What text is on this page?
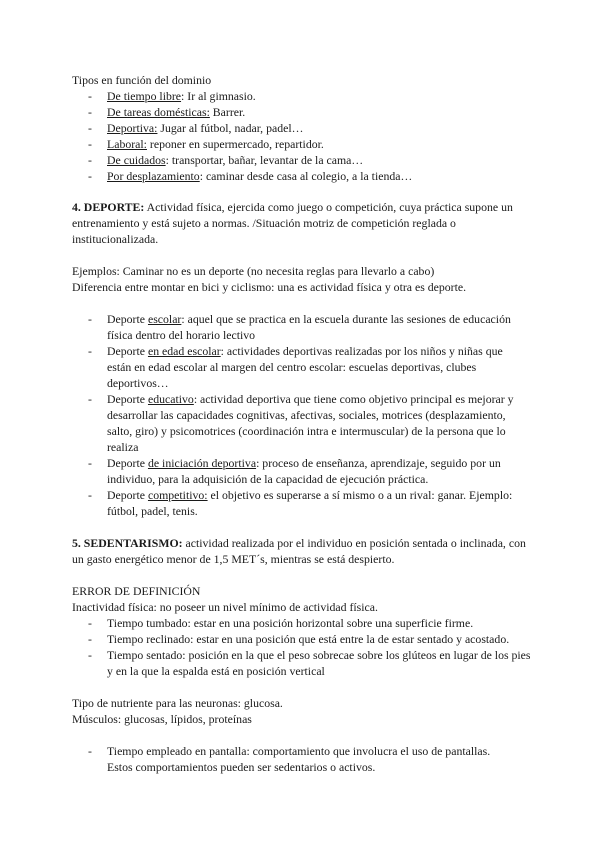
Tipos en función del dominio
- De tiempo libre: Ir al gimnasio.
- De tareas domésticas: Barrer.
- Deportiva: Jugar al fútbol, nadar, padel…
- Laboral: reponer en supermercado, repartidor.
- De cuidados: transportar, bañar, levantar de la cama…
- Por desplazamiento: caminar desde casa al colegio, a la tienda…
4. DEPORTE: Actividad física, ejercida como juego o competición, cuya práctica supone un entrenamiento y está sujeto a normas. /Situación motriz de competición reglada o institucionalizada.
Ejemplos: Caminar no es un deporte (no necesita reglas para llevarlo a cabo)
Diferencia entre montar en bici y ciclismo: una es actividad física y otra es deporte.
- Deporte escolar: aquel que se practica en la escuela durante las sesiones de educación física dentro del horario lectivo
- Deporte en edad escolar: actividades deportivas realizadas por los niños y niñas que están en edad escolar al margen del centro escolar: escuelas deportivas, clubes deportivos…
- Deporte educativo: actividad deportiva que tiene como objetivo principal es mejorar y desarrollar las capacidades cognitivas, afectivas, sociales, motrices (desplazamiento, salto, giro) y psicomotrices (coordinación intra e intermuscular) de la persona que lo realiza
- Deporte de iniciación deportiva: proceso de enseñanza, aprendizaje, seguido por un individuo, para la adquisición de la capacidad de ejecución práctica.
- Deporte competitivo: el objetivo es superarse a sí mismo o a un rival: ganar. Ejemplo: fútbol, padel, tenis.
5. SEDENTARISMO: actividad realizada por el individuo en posición sentada o inclinada, con un gasto energético menor de 1,5 MET´s, mientras se está despierto.
ERROR DE DEFINICIÓN
Inactividad física: no poseer un nivel mínimo de actividad física.
- Tiempo tumbado: estar en una posición horizontal sobre una superficie firme.
- Tiempo reclinado: estar en una posición que está entre la de estar sentado y acostado.
- Tiempo sentado: posición en la que el peso sobrecae sobre los glúteos en lugar de los pies y en la que la espalda está en posición vertical
Tipo de nutriente para las neuronas: glucosa.
Músculos: glucosas, lípidos, proteínas
- Tiempo empleado en pantalla: comportamiento que involucra el uso de pantallas. Estos comportamientos pueden ser sedentarios o activos.
